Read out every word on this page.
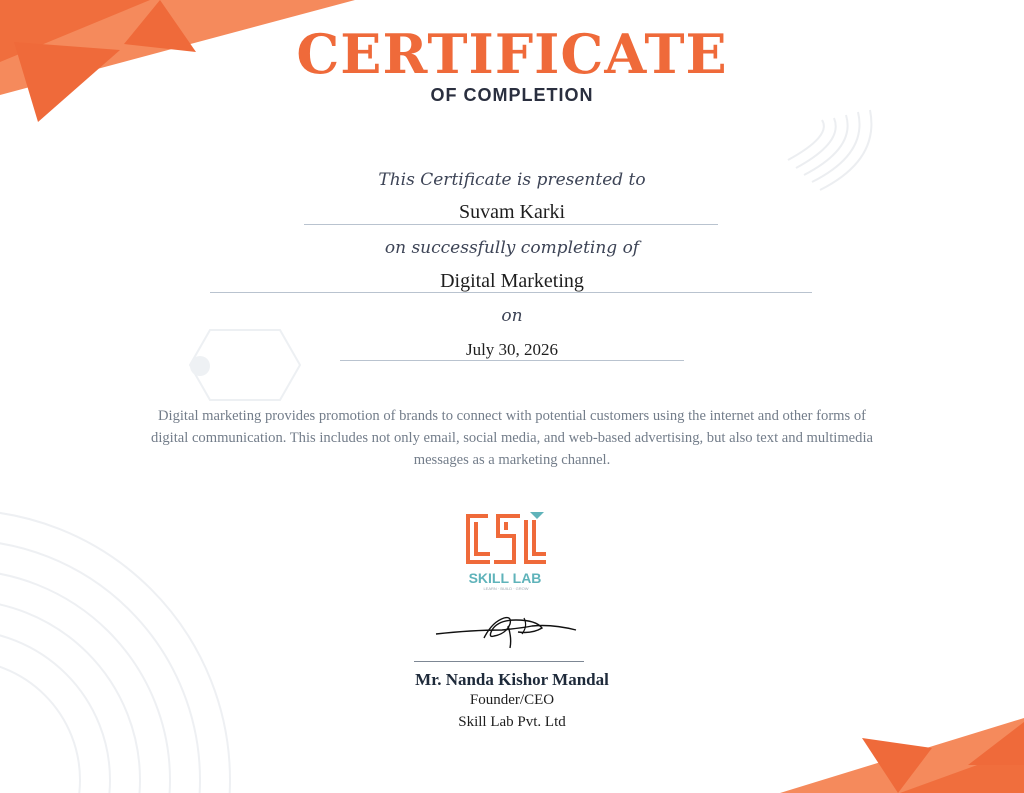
CERTIFICATE
OF COMPLETION
This Certificate is presented to
Suvam Karki
on successfully completing of
Digital Marketing
on
July 30, 2026
Digital marketing provides promotion of brands to connect with potential customers using the internet and other forms of digital communication. This includes not only email, social media, and web-based advertising, but also text and multimedia messages as a marketing channel.
SKILL LAB
LEARN · BUILD · GROW
Mr. Nanda Kishor Mandal
Founder/CEO
Skill Lab Pvt. Ltd
